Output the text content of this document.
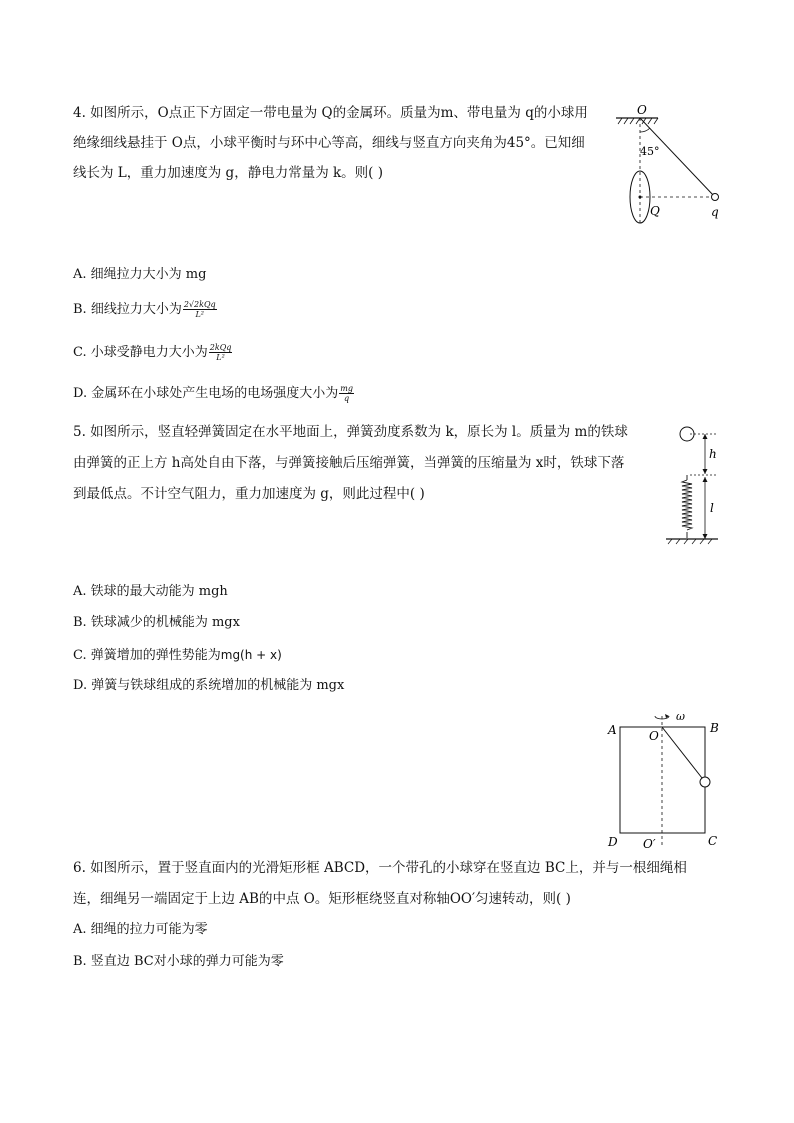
4. 如图所示，O点正下方固定一带电量为 Q的金属环。质量为m、带电量为 q的小球用
绝缘细线悬挂于 O点，小球平衡时与环中心等高，细线与竖直方向夹角为45°。已知细
线长为 L，重力加速度为 g，静电力常量为 k。则( )
O
45°
Q	q
A. 细绳拉力大小为 mg
B. 细线拉力大小为 $\frac{\text{2√2kQq}}{\text{L²}}$
C. 小球受静电力大小为 $\frac{\text{2kQq}}{\text{L²}}$
D. 金属环在小球处产生电场的电场强度大小为 $\frac{mg}{q}$
5. 如图所示，竖直轻弹簧固定在水平地面上，弹簧劲度系数为 k，原长为 l。质量为 m的铁球
由弹簧的正上方 h高处自由下落，与弹簧接触后压缩弹簧，当弹簧的压缩量为 x时，铁球下落
到最低点。不计空气阻力，重力加速度为 g，则此过程中( )
h
l
A. 铁球的最大动能为 mgh
B. 铁球减少的机械能为 mgx
C. 弹簧增加的弹性势能为mg(h + x)
D. 弹簧与铁球组成的系统增加的机械能为 mgx
ω
A	B
O
D O′	C
6. 如图所示，置于竖直面内的光滑矩形框 ABCD，一个带孔的小球穿在竖直边 BC上，并与一根细绳相
连，细绳另一端固定于上边 AB的中点 O。矩形框绕竖直对称轴OO′匀速转动，则( )
A. 细绳的拉力可能为零
B. 竖直边 BC对小球的弹力可能为零
